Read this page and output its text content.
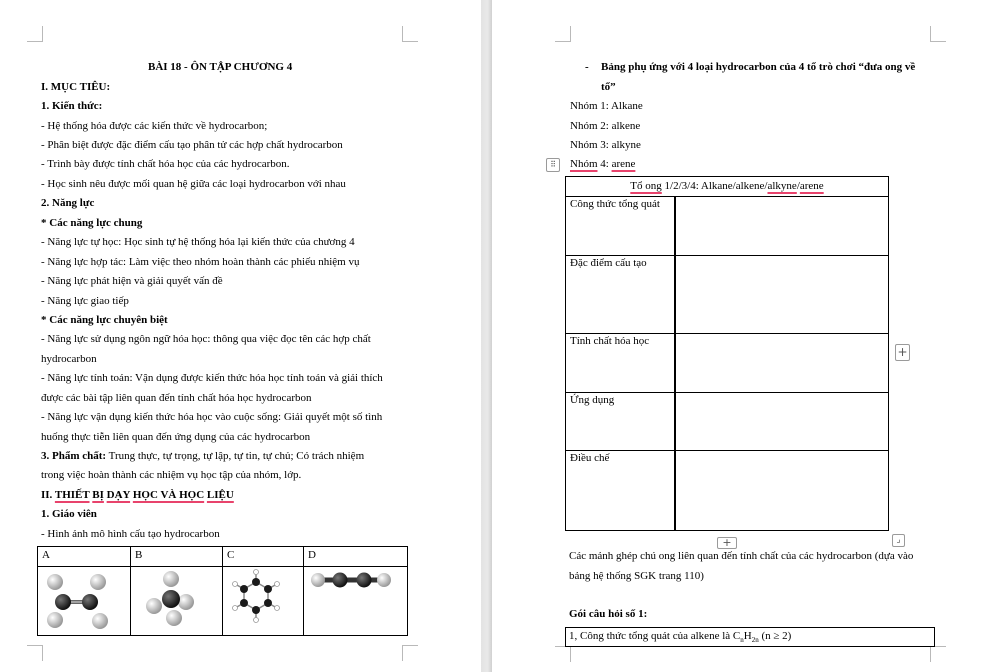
BÀI 18 - ÔN TẬP CHƯƠNG 4
I. MỤC TIÊU:
1. Kiến thức:
- Hệ thống hóa được các kiến thức về hydrocarbon;
- Phân biệt được đặc điểm cấu tạo phân tử các hợp chất hydrocarbon
- Trình bày được tính chất hóa học của các hydrocarbon.
- Học sinh nêu được mối quan hệ giữa các loại hydrocarbon với nhau
2. Năng lực
* Các năng lực chung
- Năng lực tự học: Học sinh tự hệ thống hóa lại kiến thức của chương 4
- Năng lực hợp tác: Làm việc theo nhóm hoàn thành các phiếu nhiệm vụ
- Năng lực phát hiện và giải quyết vấn đề
- Năng lực giao tiếp
* Các năng lực chuyên biệt
- Năng lực sử dụng ngôn ngữ hóa học: thông qua việc đọc tên các hợp chất
hydrocarbon
- Năng lực tính toán: Vận dụng được kiến thức hóa học tính toán và giải thích
được các bài tập liên quan đến tính chất hóa học hydrocarbon
- Năng lực vận dụng kiến thức hóa học vào cuộc sống: Giải quyết một số tình
huống thực tiễn liên quan đến ứng dụng của các hydrocarbon
3. Phẩm chất: Trung thực, tự trọng, tự lập, tự tin, tự chủ; Có trách nhiệm
trong việc hoàn thành các nhiệm vụ học tập của nhóm, lớp.
II. THIẾT BỊ DẠY HỌC VÀ HỌC LIỆU
1. Giáo viên
- Hình ảnh mô hình cấu tạo hydrocarbon
A	B	C	D
- Bảng phụ ứng với 4 loại hydrocarbon của 4 tổ trò chơi “đưa ong về
tổ”
Nhóm 1: Alkane
Nhóm 2: alkene
Nhóm 3: alkyne
Nhóm 4: arene
⠿
Tổ ong 1/2/3/4: Alkane/alkene/alkyne/arene
Công thức tổng quát
Đặc điểm cấu tạo
Tính chất hóa học
Ứng dụng
Điều chế
+
+	⌟
Các mảnh ghép chú ong liên quan đến tính chất của các hydrocarbon (dựa vào
bảng hệ thống SGK trang 110)
Gói câu hỏi số 1:
1, Công thức tổng quát của alkene là $C_nH_{2n}$ (n ≥ 2)
